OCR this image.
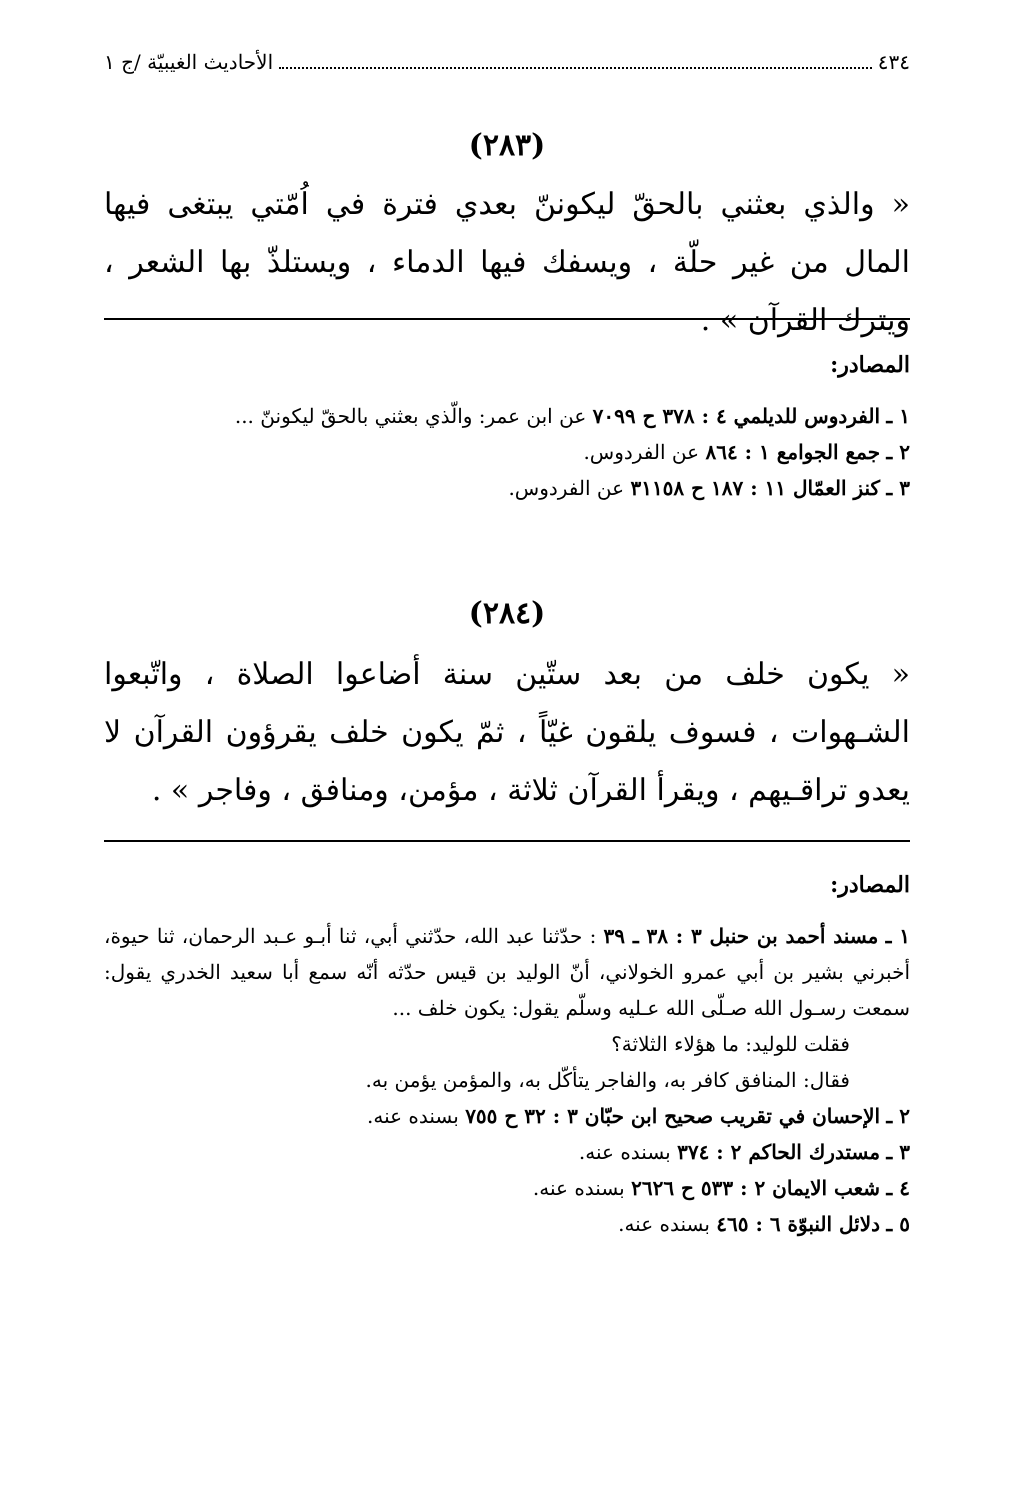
٤٣٤
الأحاديث الغيبيّة /ج ١
(٢٨٣)
« والذي بعثني بالحقّ ليكوننّ بعدي فترة في اُمّتي يبتغى فيها المال من غير حلّة ، ويسفك فيها الدماء ، ويستلذّ بها الشعر ، ويترك القرآن » .
المصادر:
١ ـ الفردوس للديلمي ٤ : ٣٧٨ ح ٧٠٩٩ عن ابن عمر: والّذي بعثني بالحقّ ليكوننّ ...
٢ ـ جمع الجوامع ١ : ٨٦٤ عن الفردوس.
٣ ـ كنز العمّال ١١ : ١٨٧ ح ٣١١٥٨ عن الفردوس.
(٢٨٤)
« يكون خلف من بعد ستّين سنة أضاعوا الصلاة ، واتّبعوا الشـهوات ، فسوف يلقون غيّاً ، ثمّ يكون خلف يقرؤون القرآن لا يعدو تراقـيهم ، ويقرأ القرآن ثلاثة ، مؤمن، ومنافق ، وفاجر » .
المصادر:
١ ـ مسند أحمد بن حنبل ٣ : ٣٨ ـ ٣٩ : حدّثنا عبد الله، حدّثني أبي، ثنا أبـو عـبد الرحمان، ثنا حيوة، أخبرني بشير بن أبي عمرو الخولاني، أنّ الوليد بن قيس حدّثه أنّه سمع أبا سعيد الخدري يقول: سمعت رسـول الله صـلّى الله عـليه وسلّم يقول: يكون خلف ...
فقلت للوليد: ما هؤلاء الثلاثة؟
فقال: المنافق كافر به، والفاجر يتأكّل به، والمؤمن يؤمن به.
٢ ـ الإحسان في تقريب صحيح ابن حبّان ٣ : ٣٢ ح ٧٥٥ بسنده عنه.
٣ ـ مستدرك الحاكم ٢ : ٣٧٤ بسنده عنه.
٤ ـ شعب الايمان ٢ : ٥٣٣ ح ٢٦٢٦ بسنده عنه.
٥ ـ دلائل النبوّة ٦ : ٤٦٥ بسنده عنه.
